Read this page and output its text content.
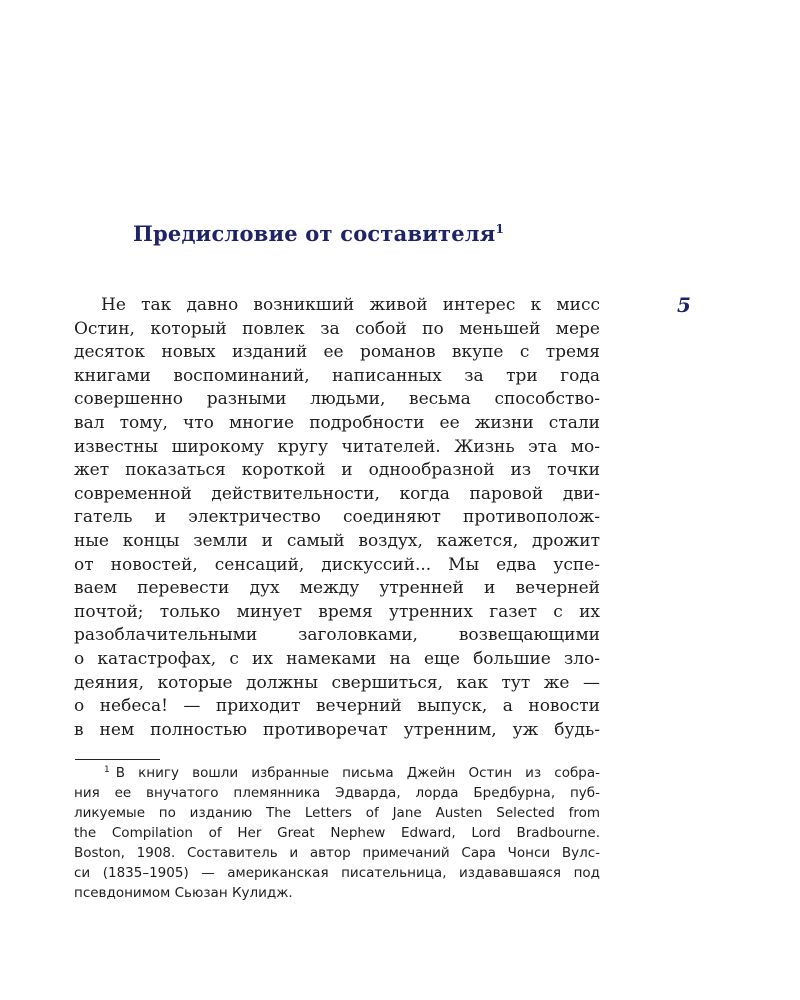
Предисловие от составителя$^1$
5
Не так давно возникший живой интерес к мисс
Остин, который повлек за собой по меньшей мере
десяток новых изданий ее романов вкупе с тремя
книгами воспоминаний, написанных за три года
совершенно разными людьми, весьма способство-
вал тому, что многие подробности ее жизни стали
известны широкому кругу читателей. Жизнь эта мо-
жет показаться короткой и однообразной из точки
современной действительности, когда паровой дви-
гатель и электричество соединяют противополож-
ные концы земли и самый воздух, кажется, дрожит
от новостей, сенсаций, дискуссий... Мы едва успе-
ваем перевести дух между утренней и вечерней
почтой; только минует время утренних газет с их
разоблачительными заголовками, возвещающими
о катастрофах, с их намеками на еще большие зло-
деяния, которые должны свершиться, как тут же —
о небеса! — приходит вечерний выпуск, а новости
в нем полностью противоречат утренним, уж будь-
$^1$ В книгу вошли избранные письма Джейн Остин из собра-
ния ее внучатого племянника Эдварда, лорда Бредбурна, пуб-
ликуемые по изданию The Letters of Jane Austen Selected from
the Compilation of Her Great Nephew Edward, Lord Bradbourne.
Boston, 1908. Составитель и автор примечаний Сара Чонси Вулс-
си (1835–1905) — американская писательница, издававшаяся под
псевдонимом Сьюзан Кулидж.
